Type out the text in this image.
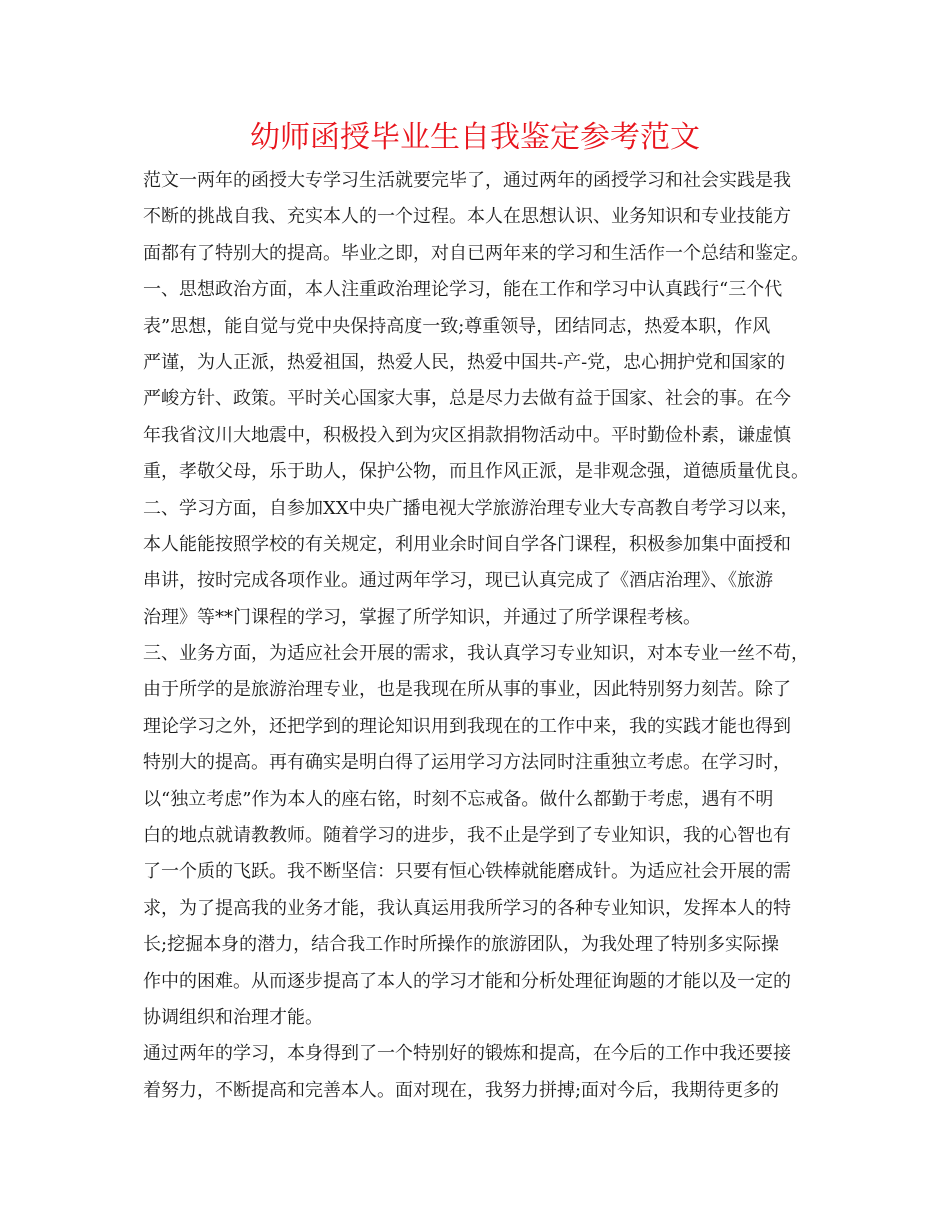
幼师函授毕业生自我鉴定参考范文

范文一两年的函授大专学习生活就要完毕了，通过两年的函授学习和社会实践是我

不断的挑战自我、充实本人的一个过程。本人在思想认识、业务知识和专业技能方

面都有了特别大的提高。毕业之即，对自已两年来的学习和生活作一个总结和鉴定。

一、思想政治方面，本人注重政治理论学习，能在工作和学习中认真践行“三个代

表”思想，能自觉与党中央保持高度一致;尊重领导，团结同志，热爱本职，作风

严谨，为人正派，热爱祖国，热爱人民，热爱中国共-产-党，忠心拥护党和国家的

严峻方针、政策。平时关心国家大事，总是尽力去做有益于国家、社会的事。在今

年我省汶川大地震中，积极投入到为灾区捐款捐物活动中。平时勤俭朴素，谦虚慎

重，孝敬父母，乐于助人，保护公物，而且作风正派，是非观念强，道德质量优良。

二、学习方面，自参加XX中央广播电视大学旅游治理专业大专高教自考学习以来，

本人能能按照学校的有关规定，利用业余时间自学各门课程，积极参加集中面授和

串讲，按时完成各项作业。通过两年学习，现已认真完成了《酒店治理》、《旅游

治理》等**门课程的学习，掌握了所学知识，并通过了所学课程考核。

三、业务方面，为适应社会开展的需求，我认真学习专业知识，对本专业一丝不苟，

由于所学的是旅游治理专业，也是我现在所从事的事业，因此特别努力刻苦。除了

理论学习之外，还把学到的理论知识用到我现在的工作中来，我的实践才能也得到

特别大的提高。再有确实是明白得了运用学习方法同时注重独立考虑。在学习时，

以“独立考虑”作为本人的座右铭，时刻不忘戒备。做什么都勤于考虑，遇有不明

白的地点就请教教师。随着学习的进步，我不止是学到了专业知识，我的心智也有

了一个质的飞跃。我不断坚信：只要有恒心铁棒就能磨成针。为适应社会开展的需

求，为了提高我的业务才能，我认真运用我所学习的各种专业知识，发挥本人的特

长;挖掘本身的潜力，结合我工作时所操作的旅游团队，为我处理了特别多实际操

作中的困难。从而逐步提高了本人的学习才能和分析处理征询题的才能以及一定的

协调组织和治理才能。

通过两年的学习，本身得到了一个特别好的锻炼和提高，在今后的工作中我还要接

着努力，不断提高和完善本人。面对现在，我努力拼搏;面对今后，我期待更多的
